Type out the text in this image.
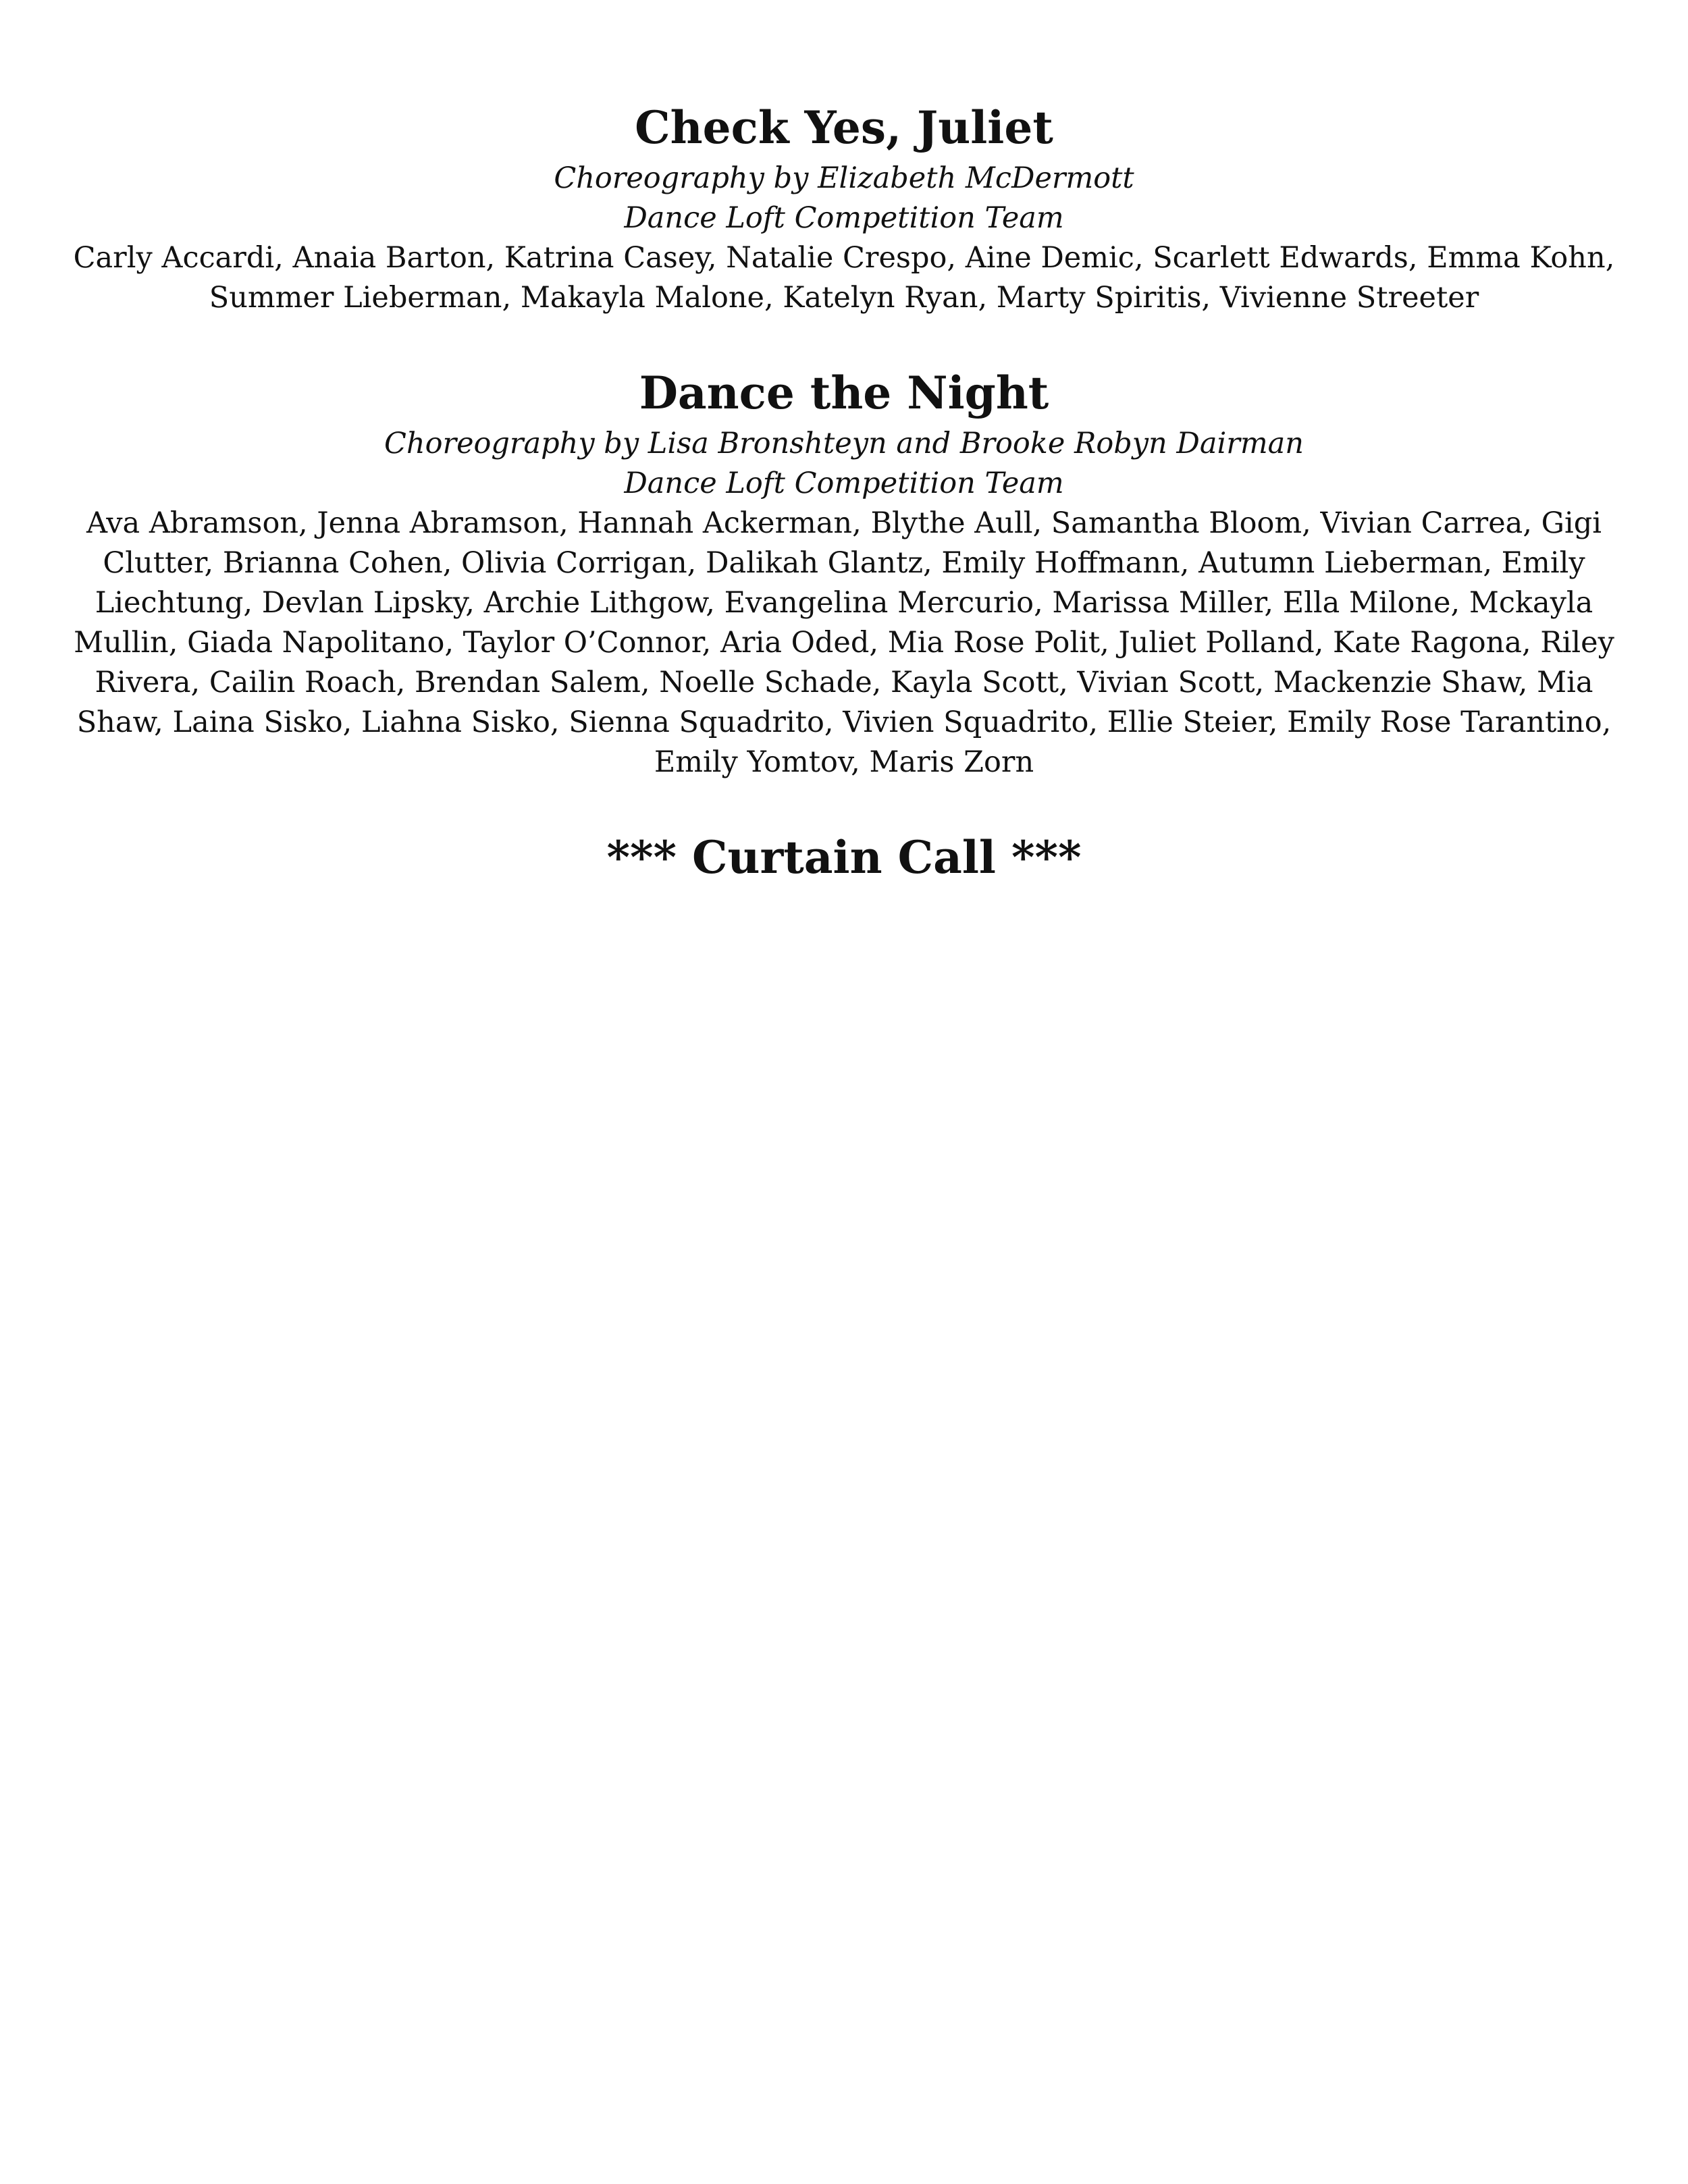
Check Yes, Juliet
Choreography by Elizabeth McDermott
Dance Loft Competition Team
Carly Accardi, Anaia Barton, Katrina Casey, Natalie Crespo, Aine Demic, Scarlett Edwards, Emma Kohn, Summer Lieberman, Makayla Malone, Katelyn Ryan, Marty Spiritis, Vivienne Streeter
Dance the Night
Choreography by Lisa Bronshteyn and Brooke Robyn Dairman
Dance Loft Competition Team
Ava Abramson, Jenna Abramson, Hannah Ackerman, Blythe Aull, Samantha Bloom, Vivian Carrea, Gigi Clutter, Brianna Cohen, Olivia Corrigan, Dalikah Glantz, Emily Hoffmann, Autumn Lieberman, Emily Liechtung, Devlan Lipsky, Archie Lithgow, Evangelina Mercurio, Marissa Miller, Ella Milone, Mckayla Mullin, Giada Napolitano, Taylor O’Connor, Aria Oded, Mia Rose Polit, Juliet Polland, Kate Ragona, Riley Rivera, Cailin Roach, Brendan Salem, Noelle Schade, Kayla Scott, Vivian Scott, Mackenzie Shaw, Mia Shaw, Laina Sisko, Liahna Sisko, Sienna Squadrito, Vivien Squadrito, Ellie Steier, Emily Rose Tarantino, Emily Yomtov, Maris Zorn
*** Curtain Call ***
